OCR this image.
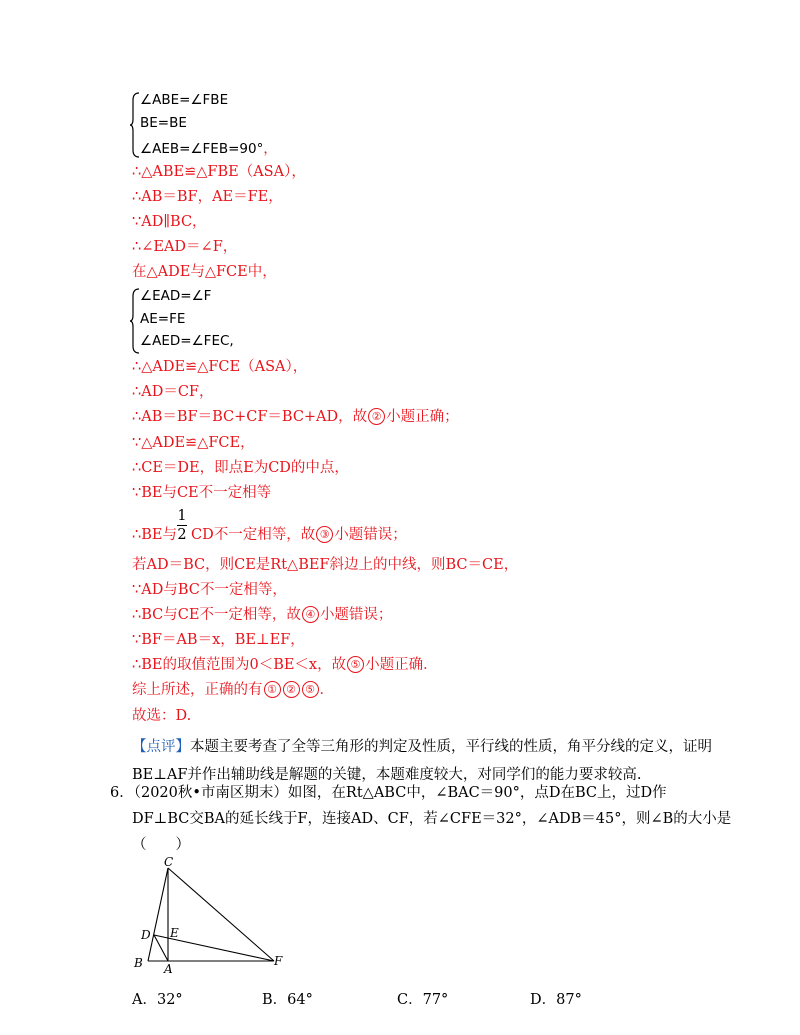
∠ABE=∠FBE
BE=BE
∠AEB=∠FEB=90°，
∴△ABE≌△FBE（ASA），
∴AB＝BF，AE＝FE，
∵AD∥BC，
∴∠EAD＝∠F，
在△ADE与△FCE中，
∠EAD=∠F
AE=FE
∠AED=∠FEC,
∴△ADE≌△FCE（ASA），
∴AD＝CF，
∴AB＝BF＝BC+CF＝BC+AD，故 ② 小题正确；
∵△ADE≌△FCE，
∴CE＝DE，即点E为CD的中点，
∵BE与CE不一定相等
∴BE与 CD不一定相等，故 ③ 小题错误；
1
2
若AD＝BC，则CE是Rt△BEF斜边上的中线，则BC＝CE，
∵AD与BC不一定相等，
∴BC与CE不一定相等，故 ④ 小题错误；
∵BF＝AB＝x，BE⊥EF，
∴BE的取值范围为0＜BE＜x，故 ⑤ 小题正确．
综上所述，正确的有 ① ② ⑤ ．
故选：D.
【点评】本题主要考查了全等三角形的判定及性质，平行线的性质，角平分线的定义，证明
BE⊥AF并作出辅助线是解题的关键，本题难度较大，对同学们的能力要求较高.
6．（2020秋•市南区期末）如图，在Rt△ABC中，∠BAC＝90°，点D在BC上，过D作
DF⊥BC交BA的延长线于F，连接AD、CF，若∠CFE＝32°，∠ADB＝45°，则∠B的大小是
（　　）
C
D E
B A
F
A．32°	B．64°	C．77°	D．87°
